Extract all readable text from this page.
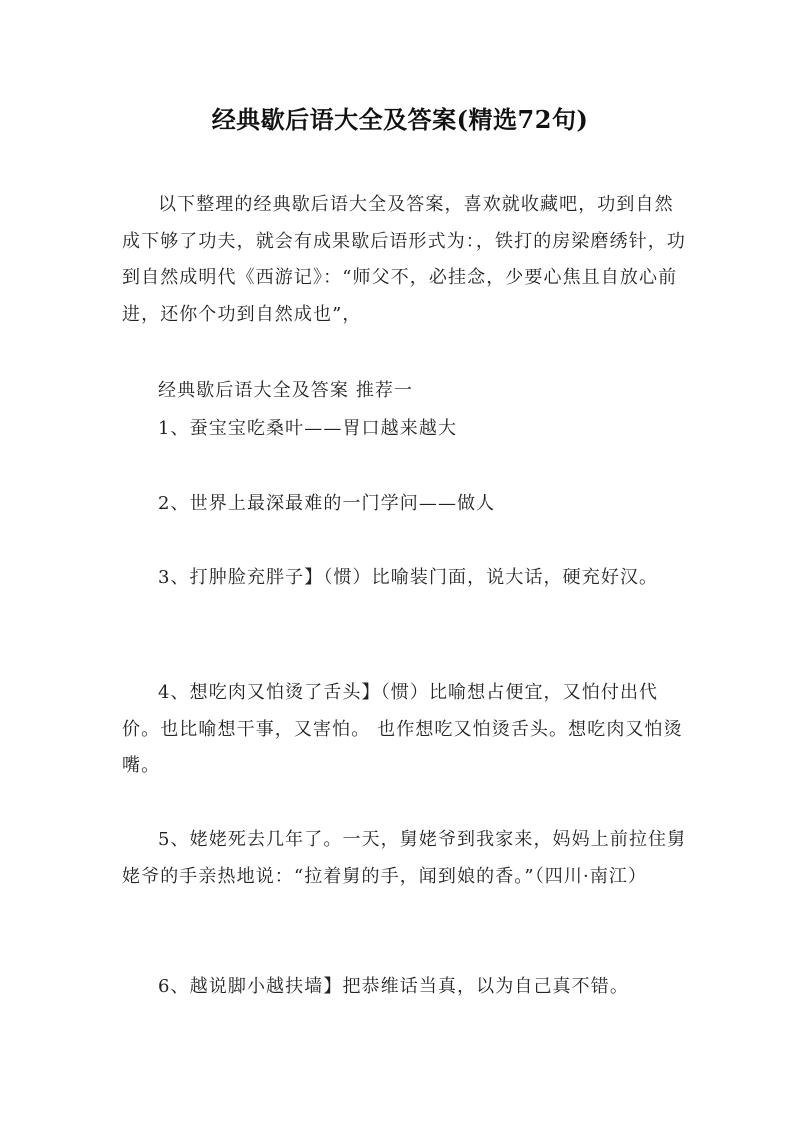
经典歇后语大全及答案(精选72句)

以下整理的经典歇后语大全及答案，喜欢就收藏吧，功到自然成下够了功夫，就会有成果歇后语形式为：，铁打的房梁磨绣针，功到自然成明代《西游记》：“师父不，必挂念，少要心焦且自放心前进，还你个功到自然成也”，

经典歇后语大全及答案 推荐一
1、蚕宝宝吃桑叶——胃口越来越大
2、世界上最深最难的一门学问——做人

3、打肿脸充胖子】（惯）比喻装门面，说大话，硬充好汉。

4、想吃肉又怕烫了舌头】（惯）比喻想占便宜，又怕付出代价。也比喻想干事，又害怕。 也作想吃又怕烫舌头。想吃肉又怕烫嘴。

5、姥姥死去几年了。一天，舅姥爷到我家来，妈妈上前拉住舅姥爷的手亲热地说：“拉着舅的手，闻到娘的香。”（四川·南江）

6、越说脚小越扶墙】把恭维话当真，以为自己真不错。
